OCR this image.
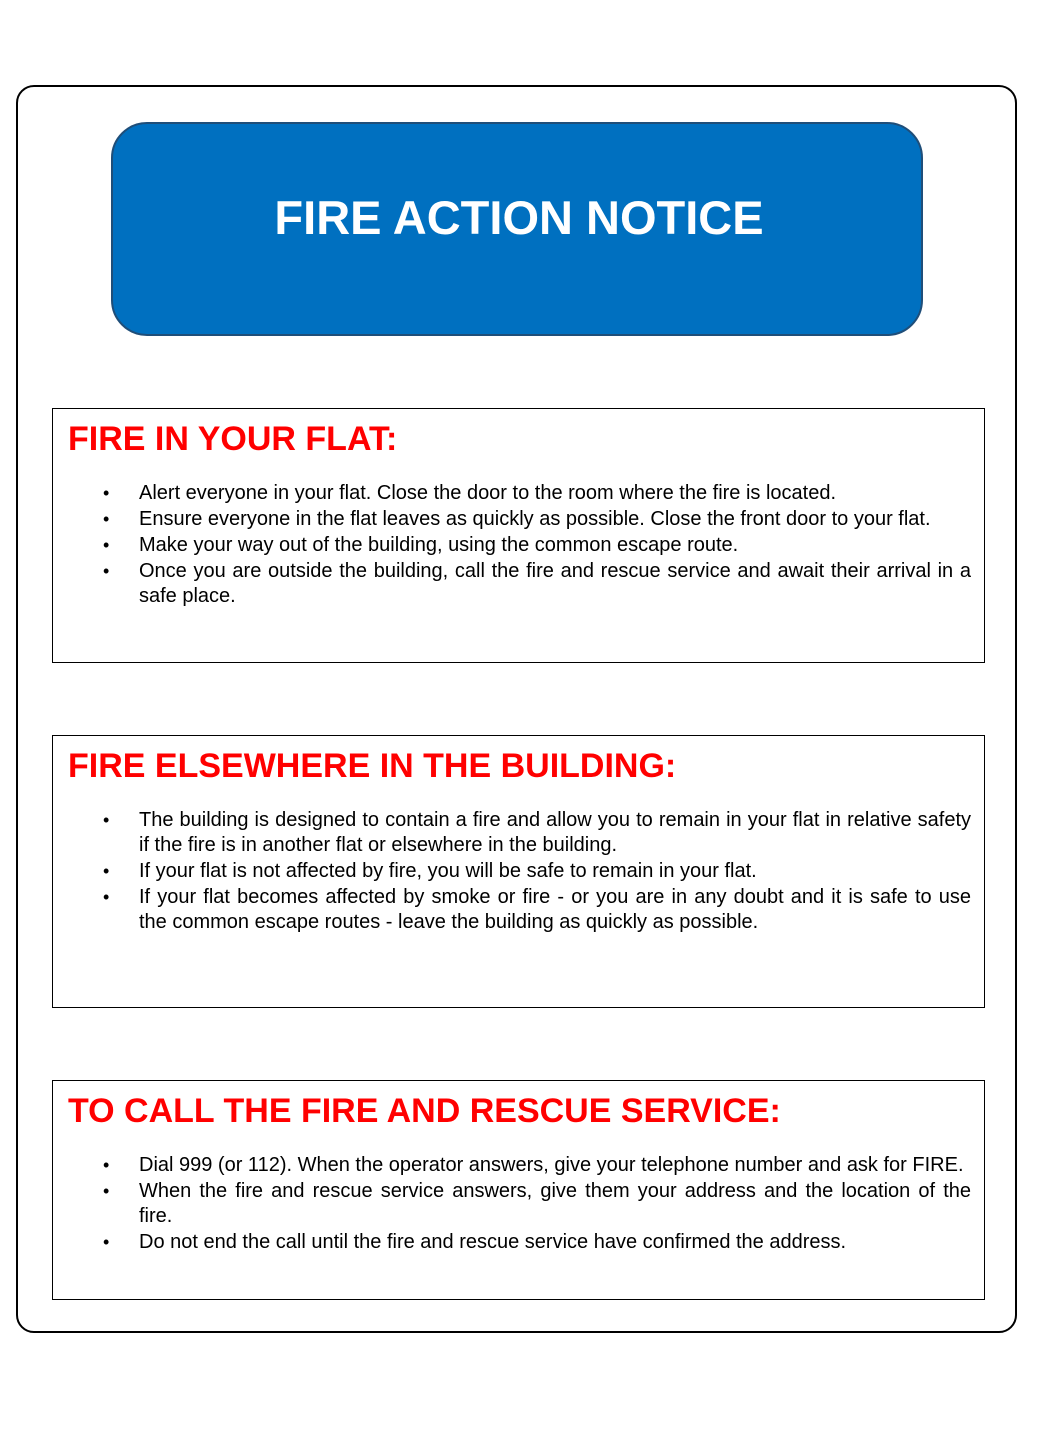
FIRE ACTION NOTICE
FIRE IN YOUR FLAT:
• Alert everyone in your flat. Close the door to the room where the fire is located.
• Ensure everyone in the flat leaves as quickly as possible. Close the front door to your flat.
• Make your way out of the building, using the common escape route.
• Once you are outside the building, call the fire and rescue service and await their arrival in a safe place.
FIRE ELSEWHERE IN THE BUILDING:
• The building is designed to contain a fire and allow you to remain in your flat in relative safety if the fire is in another flat or elsewhere in the building.
• If your flat is not affected by fire, you will be safe to remain in your flat.
• If your flat becomes affected by smoke or fire - or you are in any doubt and it is safe to use the common escape routes - leave the building as quickly as possible.
TO CALL THE FIRE AND RESCUE SERVICE:
• Dial 999 (or 112). When the operator answers, give your telephone number and ask for FIRE.
• When the fire and rescue service answers, give them your address and the location of the fire.
• Do not end the call until the fire and rescue service have confirmed the address.
